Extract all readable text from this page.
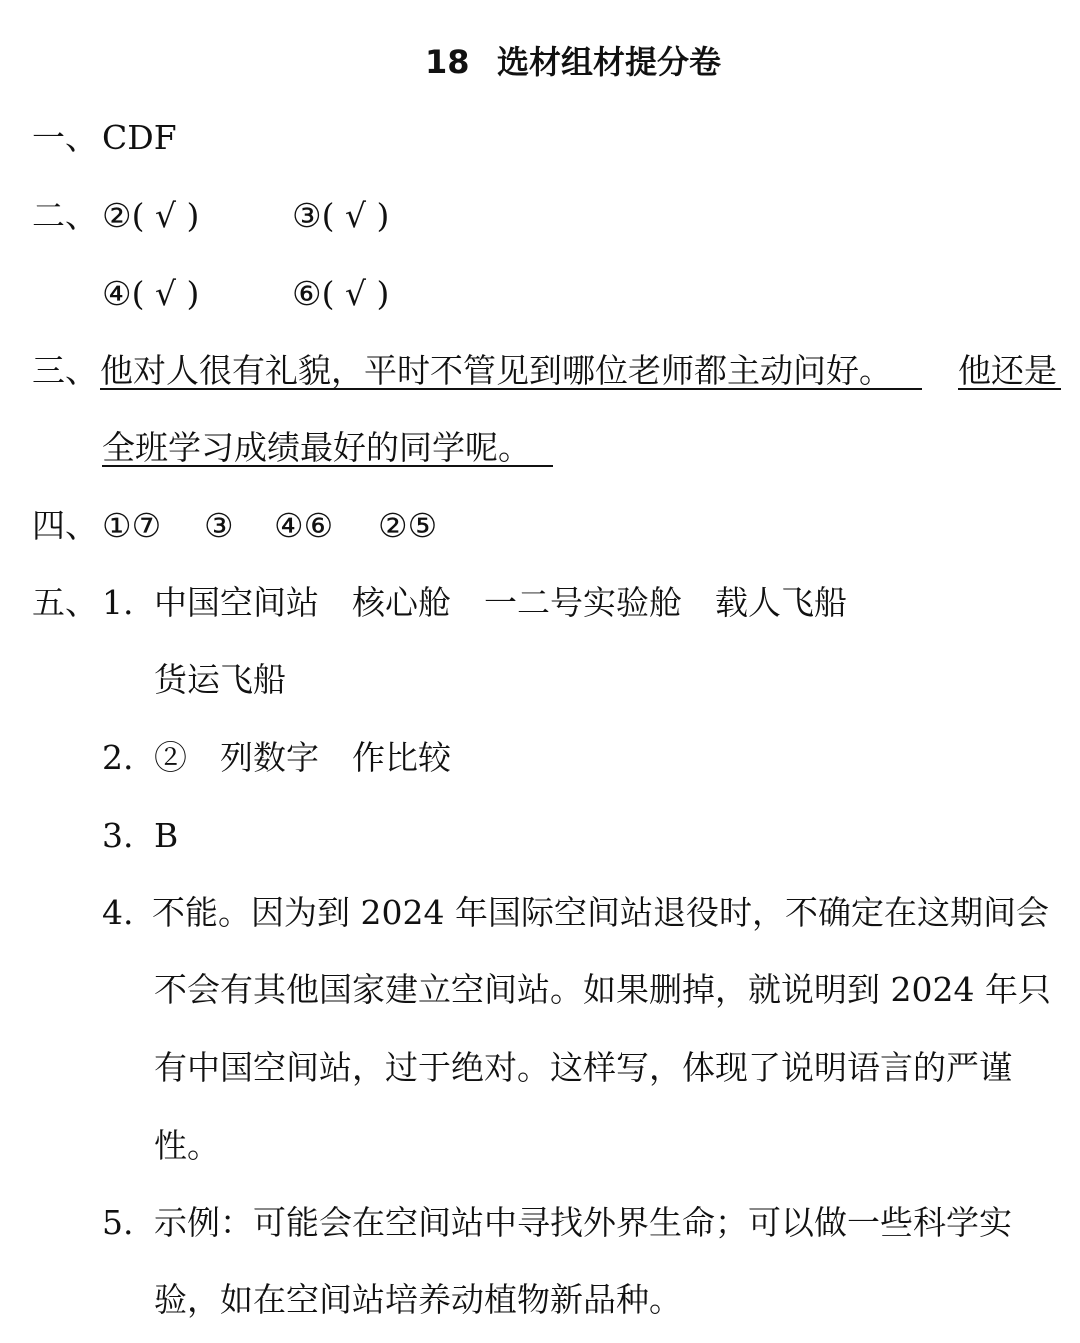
18 选材组材提分卷
一、 CDF
二、 ②( √ )	③( √ )
④( √ )	⑥( √ )
三、 他对人很有礼貌，平时不管见到哪位老师都主动问好。	他还是
全班学习成绩最好的同学呢。
四、 ①⑦ ③ ④⑥ ②⑤
五、 1. 中国空间站　核心舱　一二号实验舱　载人飞船
货运飞船
2. ②　列数字　作比较
3. B
4. 不能。因为到 2024 年国际空间站退役时，不确定在这期间会
不会有其他国家建立空间站。如果删掉，就说明到 2024 年只
有中国空间站，过于绝对。这样写，体现了说明语言的严谨
性。
5. 示例：可能会在空间站中寻找外界生命；可以做一些科学实
验，如在空间站培养动植物新品种。
